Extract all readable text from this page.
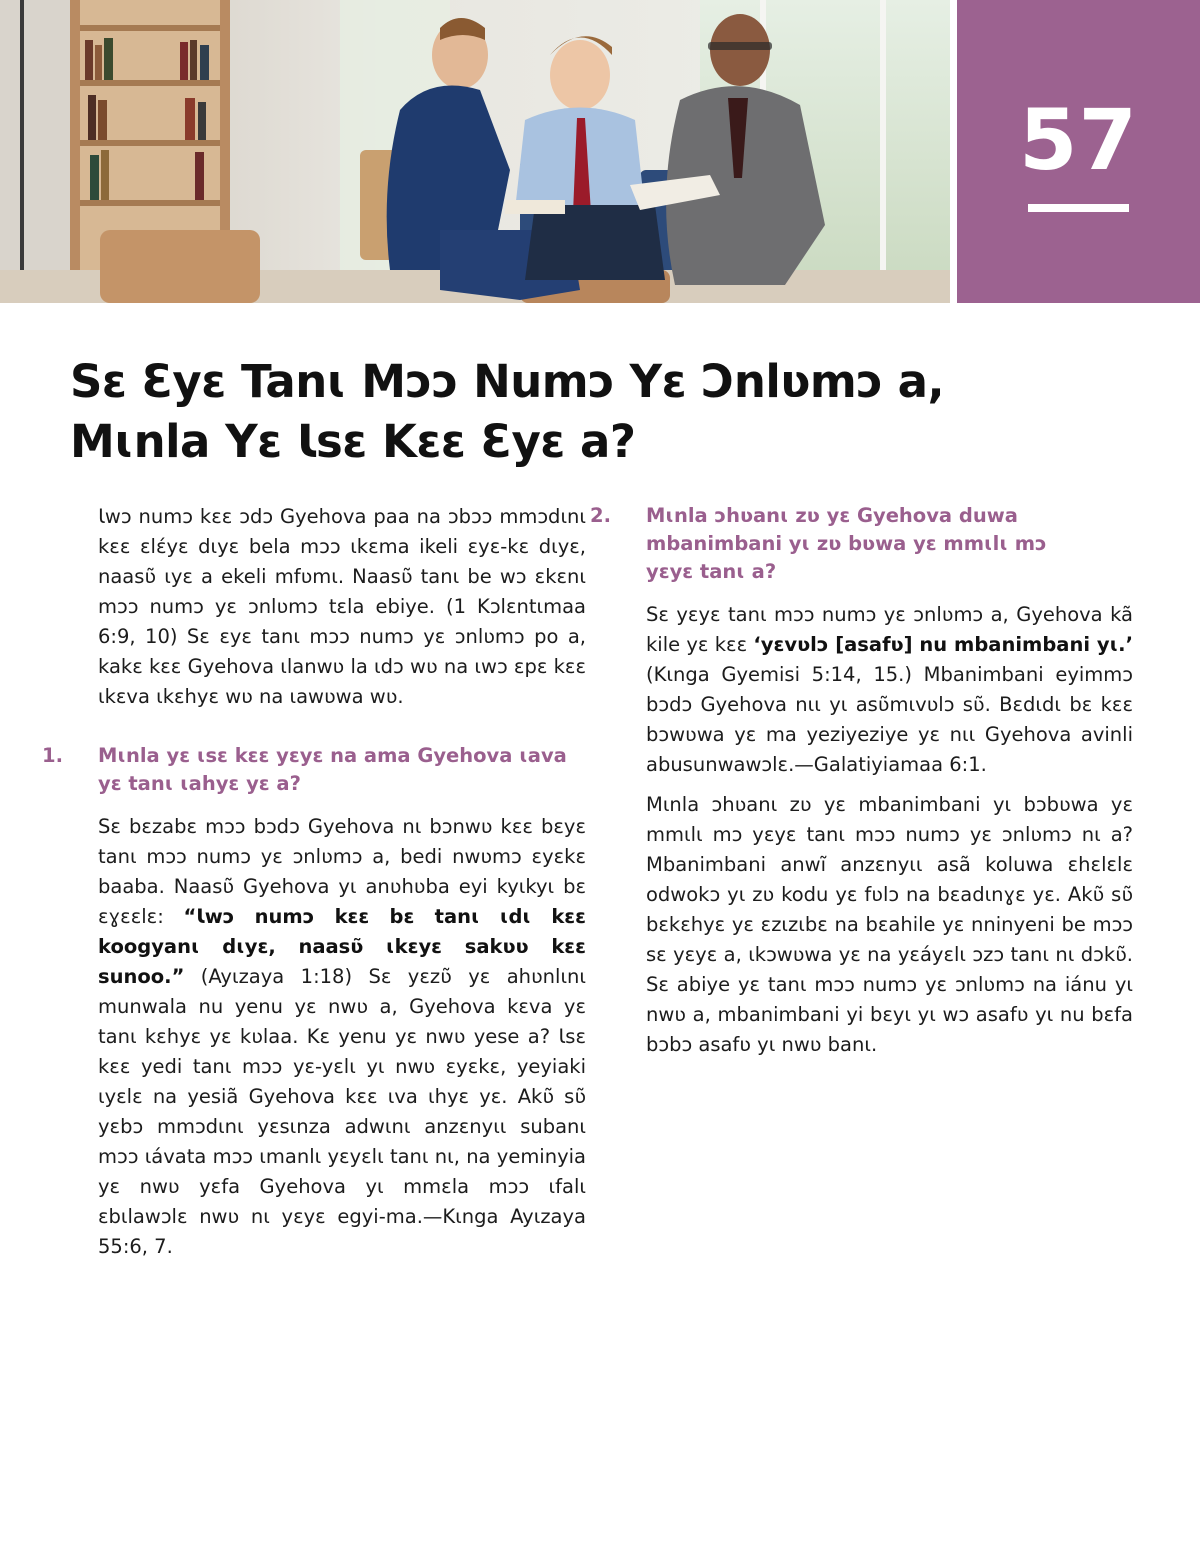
57
Sɛ Ɛyɛ Tanɩ Mɔɔ Numɔ Yɛ Ɔnlʋmɔ a,
Mɩnla Yɛ Ɩsɛ Kɛɛ Ɛyɛ a?

Ɩwɔ numɔ kɛɛ ɔdɔ Gyehova paa na ɔbɔɔ mmɔdɩnɩ kɛɛ ɛlɛ́yɛ dɩyɛ bela mɔɔ ɩkɛma ikeli ɛyɛ-kɛ dɩyɛ, naasʋ̃ ɩyɛ a ekeli mfʋmɩ. Naasʋ̃ tanɩ be wɔ ɛkɛnɩ mɔɔ numɔ yɛ ɔnlʋmɔ tɛla ebiye. (1 Kɔlɛntɩmaa 6:9, 10) Sɛ ɛyɛ tanɩ mɔɔ numɔ yɛ ɔnlʋmɔ po a, kakɛ kɛɛ Gyehova ɩlanwʋ la ɩdɔ wʋ na ɩwɔ ɛpɛ kɛɛ ɩkɛva ɩkɛhyɛ wʋ na ɩawʋwa wʋ.

1. Mɩnla yɛ ɩsɛ kɛɛ yɛyɛ na ama Gyehova ɩava
yɛ tanɩ ɩahyɛ yɛ a?

Sɛ bɛzabɛ mɔɔ bɔdɔ Gyehova nɩ bɔnwʋ kɛɛ bɛyɛ tanɩ mɔɔ numɔ yɛ ɔnlʋmɔ a, bedi nwʋmɔ ɛyɛkɛ baaba. Naasʋ̃ Gyehova yɩ anʋhʋba eyi kyɩkyɩ bɛ ɛɣɛɛlɛ: “Ɩwɔ numɔ kɛɛ bɛ tanɩ ɩdɩ kɛɛ koogyanɩ dɩyɛ, naasʋ̃ ɩkɛyɛ sakʋʋ kɛɛ sunoo.” (Ayɩzaya 1:18) Sɛ yɛzʋ̃ yɛ ahʋnlɩnɩ munwala nu yenu yɛ nwʋ a, Gyehova kɛva yɛ tanɩ kɛhyɛ yɛ kʋlaa. Kɛ yenu yɛ nwʋ yese a? Ɩsɛ kɛɛ yedi tanɩ mɔɔ yɛ-yɛlɩ yɩ nwʋ ɛyɛkɛ, yeyiaki ɩyɛlɛ na yesiã Gyehova kɛɛ ɩva ɩhyɛ yɛ. Akʋ̃ sʋ̃ yɛbɔ mmɔdɩnɩ yɛsɩnza adwɩnɩ anzɛnyɩɩ subanɩ mɔɔ ɩávata mɔɔ ɩmanlɩ yɛyɛlɩ tanɩ nɩ, na yeminyia yɛ nwʋ yɛfa Gyehova yɩ mmɛla mɔɔ ɩfalɩ ɛbɩlawɔlɛ nwʋ nɩ yɛyɛ egyi-ma.—Kɩnga Ayɩzaya 55:6, 7.

2. Mɩnla ɔhʋanɩ zʋ yɛ Gyehova duwa
mbanimbani yɩ zʋ bʋwa yɛ mmɩlɩ mɔ
yɛyɛ tanɩ a?

Sɛ yɛyɛ tanɩ mɔɔ numɔ yɛ ɔnlʋmɔ a, Gyehova kã kile yɛ kɛɛ ‘yɛvʋlɔ [asafʋ] nu mbanimbani yɩ.’ (Kɩnga Gyemisi 5:14, 15.) Mbanimbani eyimmɔ bɔdɔ Gyehova nɩɩ yɩ asʋ̃mɩvʋlɔ sʋ̃. Bɛdɩdɩ bɛ kɛɛ bɔwʋwa yɛ ma yeziyeziye yɛ nɩɩ Gyehova avinli abusunwawɔlɛ.—Galatiyiamaa 6:1.

Mɩnla ɔhʋanɩ zʋ yɛ mbanimbani yɩ bɔbʋwa yɛ mmɩlɩ mɔ yɛyɛ tanɩ mɔɔ numɔ yɛ ɔnlʋmɔ nɩ a? Mbanimbani anwĩ anzɛnyɩɩ asã koluwa ɛhɛlɛlɛ odwokɔ yɩ zʋ kodu yɛ fʋlɔ na bɛadɩnɣɛ yɛ. Akʋ̃ sʋ̃ bɛkɛhyɛ yɛ ɛzɩzɩbɛ na bɛahile yɛ nninyeni be mɔɔ sɛ yɛyɛ a, ɩkɔwʋwa yɛ na yɛáyɛlɩ ɔzɔ tanɩ nɩ dɔkʋ̃. Sɛ abiye yɛ tanɩ mɔɔ numɔ yɛ ɔnlʋmɔ na iánu yɩ nwʋ a, mbanimbani yi bɛyɩ yɩ wɔ asafʋ yɩ nu bɛfa bɔbɔ asafʋ yɩ nwʋ banɩ.
